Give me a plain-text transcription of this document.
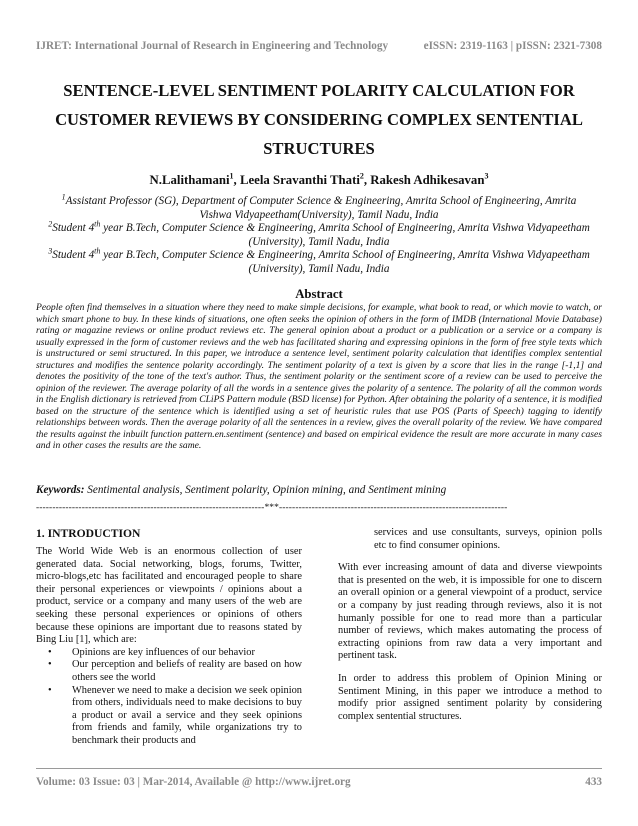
IJRET: International Journal of Research in Engineering and Technology	eISSN: 2319-1163 | pISSN: 2321-7308
SENTENCE-LEVEL SENTIMENT POLARITY CALCULATION FOR
CUSTOMER REVIEWS BY CONSIDERING COMPLEX SENTENTIAL
STRUCTURES
N.Lalithamani$^1$, Leela Sravanthi Thati$^2$, Rakesh Adhikesavan$^3$
$^1$Assistant Professor (SG), Department of Computer Science & Engineering, Amrita School of Engineering, Amrita
Vishwa Vidyapeetham(University), Tamil Nadu, India
$^2$Student 4th year B.Tech, Computer Science & Engineering, Amrita School of Engineering, Amrita Vishwa Vidyapeetham
(University), Tamil Nadu, India
$^3$Student 4th year B.Tech, Computer Science & Engineering, Amrita School of Engineering, Amrita Vishwa Vidyapeetham
(University), Tamil Nadu, India
Abstract
People often find themselves in a situation where they need to make simple decisions, for example, what book to read, or which movie to watch, or which smart phone to buy. In these kinds of situations, one often seeks the opinion of others in the form of IMDB (International Movie Database) rating or magazine reviews or online product reviews etc. The general opinion about a product or a publication or a service or a company is usually expressed in the form of customer reviews and the web has facilitated sharing and expressing opinions in the form of free style texts which is unstructured or semi structured. In this paper, we introduce a sentence level, sentiment polarity calculation that identifies complex sentential structures and modifies the sentence polarity accordingly. The sentiment polarity of a text is given by a score that lies in the range [-1,1] and denotes the positivity of the tone of the text's author. Thus, the sentiment polarity or the sentiment score of a review can be used to perceive the opinion of the reviewer. The average polarity of all the words in a sentence gives the polarity of a sentence. The polarity of all the common words in the English dictionary is retrieved from CLiPS Pattern module (BSD license) for Python. After obtaining the polarity of a sentence, it is modified based on the structure of the sentence which is identified using a set of heuristic rules that use POS (Parts of Speech) tagging to identify relationships between words. Then the average polarity of all the sentences in a review, gives the overall polarity of the review. We have compared the results against the inbuilt function pattern.en.sentiment (sentence) and based on empirical evidence the result are more accurate in many cases and in other cases the results are the same.
Keywords: Sentimental analysis, Sentiment polarity, Opinion mining, and Sentiment mining
----------------------------------------------------------------------***----------------------------------------------------------------------
1. INTRODUCTION

The World Wide Web is an enormous collection of user generated data. Social networking, blogs, forums, Twitter, micro-blogs,etc has facilitated and encouraged people to share their personal experiences or viewpoints / opinions about a product, service or a company and many users of the web are seeking these personal experiences or opinions of others because these opinions are important due to reasons stated by Bing Liu [1], which are:

• Opinions are key influences of our behavior
• Our perception and beliefs of reality are based on how others see the world
• Whenever we need to make a decision we seek opinion from others, individuals need to make decisions to buy a product or avail a service and they seek opinions from friends and family, while organizations try to benchmark their products and

services and use consultants, surveys, opinion polls etc to find consumer opinions.

With ever increasing amount of data and diverse viewpoints that is presented on the web, it is impossible for one to discern an overall opinion or a general viewpoint of a product, service or a company by just reading through reviews, also it is not humanly possible for one to read more than a particular number of reviews, which makes automating the process of extracting opinions from raw data a very important and pertinent task.

In order to address this problem of Opinion Mining or Sentiment Mining, in this paper we introduce a method to modify prior assigned sentiment polarity by considering complex sentential structures.

Volume: 03 Issue: 03 | Mar-2014, Available @ http://www.ijret.org	433
